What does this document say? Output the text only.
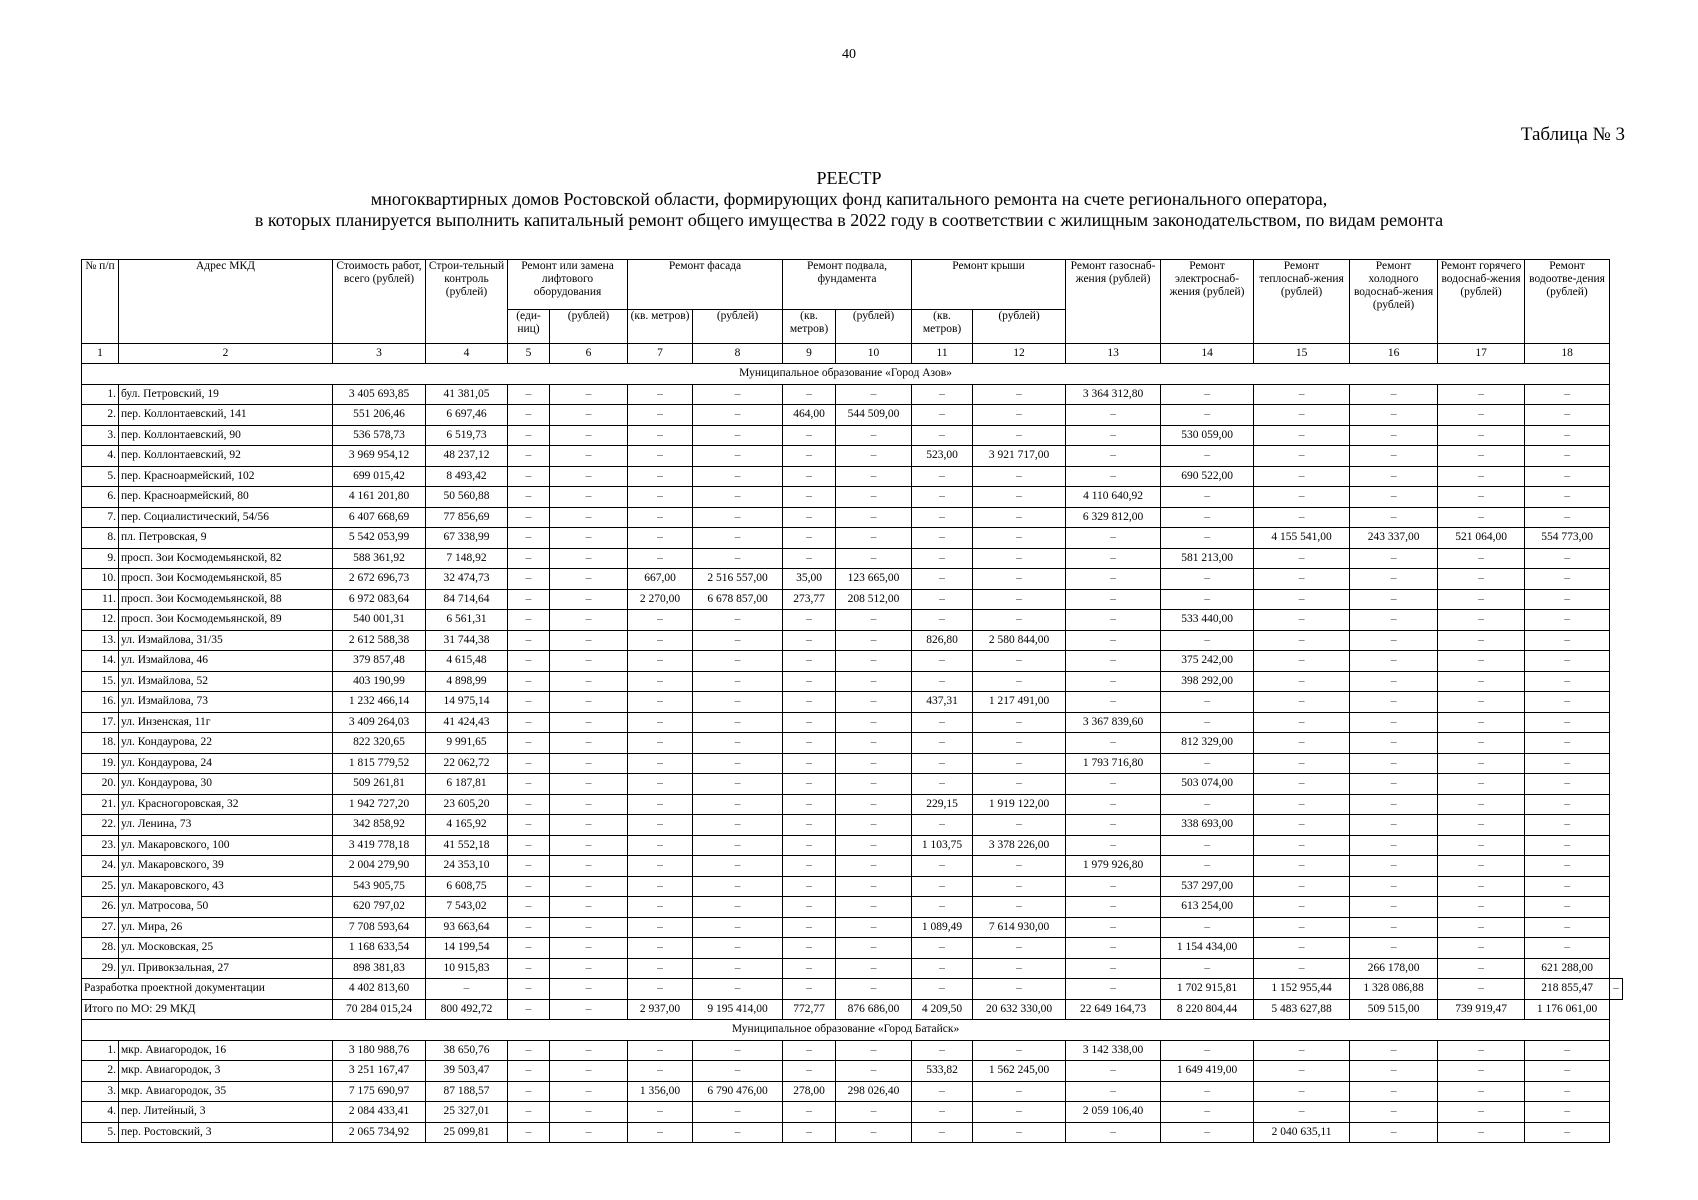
40
Таблица № 3
РЕЕСТР
многоквартирных домов Ростовской области, формирующих фонд капитального ремонта на счете регионального оператора,
в которых планируется выполнить капитальный ремонт общего имущества в 2022 году в соответствии с жилищным законодательством, по видам ремонта
№ п/п	Адрес МКД	Стоимость работ, всего (рублей)	Строи-тельный контроль (рублей)	Ремонт или замена лифтового оборудования		Ремонт фасада		Ремонт подвала, фундамента		Ремонт крыши		Ремонт газоснаб-жения (рублей)	Ремонт электроснаб-жения (рублей)	Ремонт теплоснаб-жения (рублей)	Ремонт холодного водоснаб-жения (рублей)	Ремонт горячего водоснаб-жения (рублей)	Ремонт водоотве-дения (рублей)	
				(еди-ниц)	(рублей)	(кв. метров)	(рублей)	(кв. метров)	(рублей)	(кв. метров)	(рублей)							
1	2	3	4	5	6	7	8	9	10	11	12	13	14	15	16	17	18	
Муниципальное образование «Город Азов»																		
1.	бул. Петровский, 19	3 405 693,85	41 381,05	–	–	–	–	–	–	–	–	3 364 312,80	–	–	–	–	–	
2.	пер. Коллонтаевский, 141	551 206,46	6 697,46	–	–	–	–	464,00	544 509,00	–	–	–	–	–	–	–	–	
3.	пер. Коллонтаевский, 90	536 578,73	6 519,73	–	–	–	–	–	–	–	–	–	530 059,00	–	–	–	–	
4.	пер. Коллонтаевский, 92	3 969 954,12	48 237,12	–	–	–	–	–	–	523,00	3 921 717,00	–	–	–	–	–	–	
5.	пер. Красноармейский, 102	699 015,42	8 493,42	–	–	–	–	–	–	–	–	–	690 522,00	–	–	–	–	
6.	пер. Красноармейский, 80	4 161 201,80	50 560,88	–	–	–	–	–	–	–	–	4 110 640,92	–	–	–	–	–	
7.	пер. Социалистический, 54/56	6 407 668,69	77 856,69	–	–	–	–	–	–	–	–	6 329 812,00	–	–	–	–	–	
8.	пл. Петровская, 9	5 542 053,99	67 338,99	–	–	–	–	–	–	–	–	–	–	4 155 541,00	243 337,00	521 064,00	554 773,00	
9.	просп. Зои Космодемьянской, 82	588 361,92	7 148,92	–	–	–	–	–	–	–	–	–	581 213,00	–	–	–	–	
10.	просп. Зои Космодемьянской, 85	2 672 696,73	32 474,73	–	–	667,00	2 516 557,00	35,00	123 665,00	–	–	–	–	–	–	–	–	
11.	просп. Зои Космодемьянской, 88	6 972 083,64	84 714,64	–	–	2 270,00	6 678 857,00	273,77	208 512,00	–	–	–	–	–	–	–	–	
12.	просп. Зои Космодемьянской, 89	540 001,31	6 561,31	–	–	–	–	–	–	–	–	–	533 440,00	–	–	–	–	
13.	ул. Измайлова, 31/35	2 612 588,38	31 744,38	–	–	–	–	–	–	826,80	2 580 844,00	–	–	–	–	–	–	
14.	ул. Измайлова, 46	379 857,48	4 615,48	–	–	–	–	–	–	–	–	–	375 242,00	–	–	–	–	
15.	ул. Измайлова, 52	403 190,99	4 898,99	–	–	–	–	–	–	–	–	–	398 292,00	–	–	–	–	
16.	ул. Измайлова, 73	1 232 466,14	14 975,14	–	–	–	–	–	–	437,31	1 217 491,00	–	–	–	–	–	–	
17.	ул. Инзенская, 11г	3 409 264,03	41 424,43	–	–	–	–	–	–	–	–	3 367 839,60	–	–	–	–	–	
18.	ул. Кондаурова, 22	822 320,65	9 991,65	–	–	–	–	–	–	–	–	–	812 329,00	–	–	–	–	
19.	ул. Кондаурова, 24	1 815 779,52	22 062,72	–	–	–	–	–	–	–	–	1 793 716,80	–	–	–	–	–	
20.	ул. Кондаурова, 30	509 261,81	6 187,81	–	–	–	–	–	–	–	–	–	503 074,00	–	–	–	–	
21.	ул. Красногоровская, 32	1 942 727,20	23 605,20	–	–	–	–	–	–	229,15	1 919 122,00	–	–	–	–	–	–	
22.	ул. Ленина, 73	342 858,92	4 165,92	–	–	–	–	–	–	–	–	–	338 693,00	–	–	–	–	
23.	ул. Макаровского, 100	3 419 778,18	41 552,18	–	–	–	–	–	–	1 103,75	3 378 226,00	–	–	–	–	–	–	
24.	ул. Макаровского, 39	2 004 279,90	24 353,10	–	–	–	–	–	–	–	–	1 979 926,80	–	–	–	–	–	
25.	ул. Макаровского, 43	543 905,75	6 608,75	–	–	–	–	–	–	–	–	–	537 297,00	–	–	–	–	
26.	ул. Матросова, 50	620 797,02	7 543,02	–	–	–	–	–	–	–	–	–	613 254,00	–	–	–	–	
27.	ул. Мира, 26	7 708 593,64	93 663,64	–	–	–	–	–	–	1 089,49	7 614 930,00	–	–	–	–	–	–	
28.	ул. Московская, 25	1 168 633,54	14 199,54	–	–	–	–	–	–	–	–	–	1 154 434,00	–	–	–	–	
29.	ул. Привокзальная, 27	898 381,83	10 915,83	–	–	–	–	–	–	–	–	–	–	–	266 178,00	–	621 288,00	
Разработка проектной документации		4 402 813,60	–	–	–	–	–	–	–	–	–	–	1 702 915,81	1 152 955,44	1 328 086,88	–	218 855,47	–
Итого по МО: 29 МКД		70 284 015,24	800 492,72	–	–	2 937,00	9 195 414,00	772,77	876 686,00	4 209,50	20 632 330,00	22 649 164,73	8 220 804,44	5 483 627,88	509 515,00	739 919,47	1 176 061,00	
Муниципальное образование «Город Батайск»																		
1.	мкр. Авиагородок, 16	3 180 988,76	38 650,76	–	–	–	–	–	–	–	–	3 142 338,00	–	–	–	–	–	
2.	мкр. Авиагородок, 3	3 251 167,47	39 503,47	–	–	–	–	–	–	533,82	1 562 245,00	–	1 649 419,00	–	–	–	–	
3.	мкр. Авиагородок, 35	7 175 690,97	87 188,57	–	–	1 356,00	6 790 476,00	278,00	298 026,40	–	–	–	–	–	–	–	–	
4.	пер. Литейный, 3	2 084 433,41	25 327,01	–	–	–	–	–	–	–	–	2 059 106,40	–	–	–	–	–	
5.	пер. Ростовский, 3	2 065 734,92	25 099,81	–	–	–	–	–	–	–	–	–	–	2 040 635,11	–	–	–	
